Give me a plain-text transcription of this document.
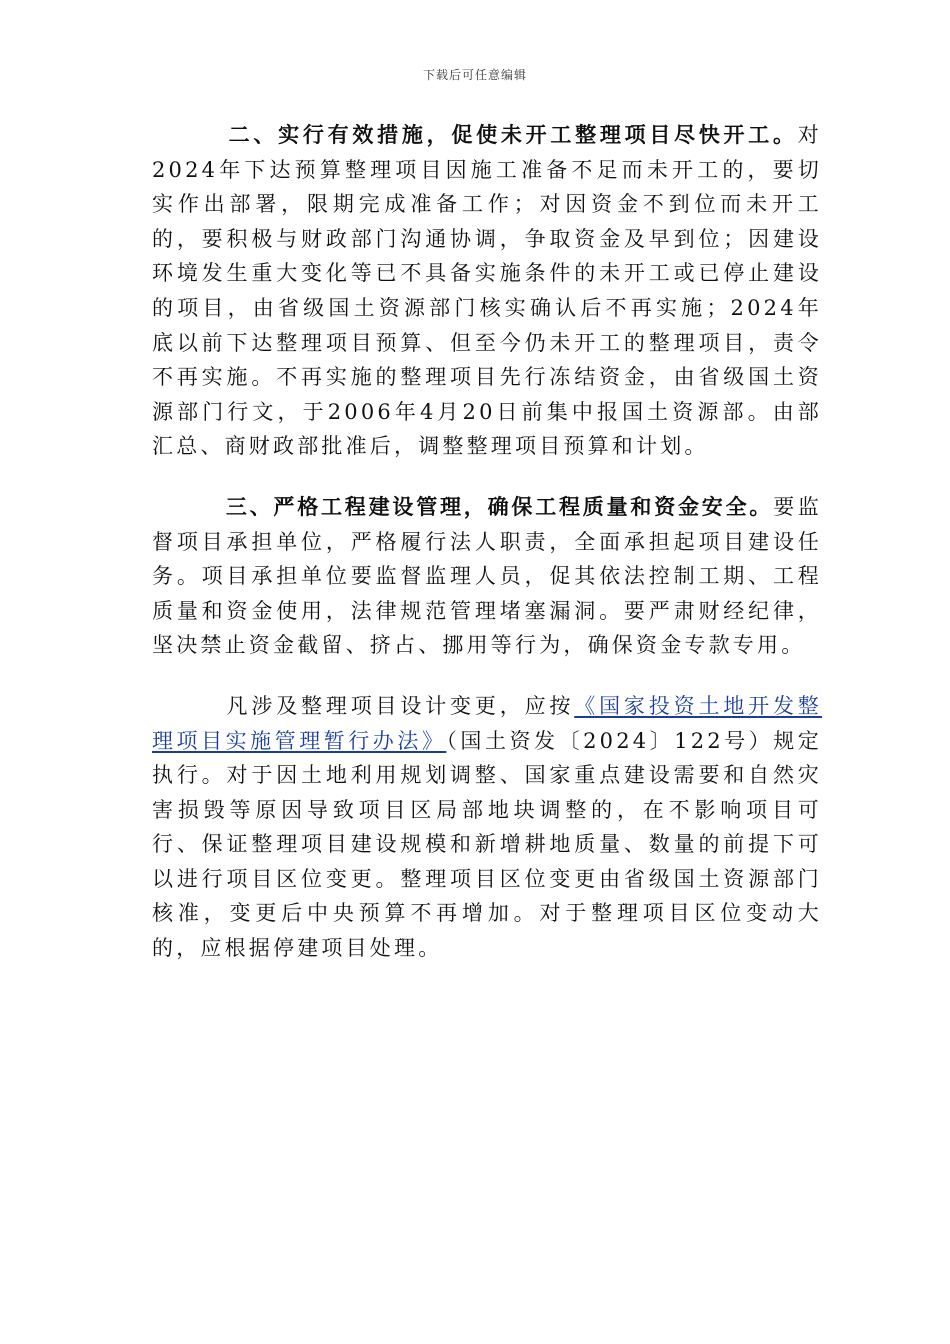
下载后可任意编辑

　　　二、实行有效措施，促使未开工整理项目尽快开工。对2024年下达预算整理项目因施工准备不足而未开工的，要切实作出部署，限期完成准备工作；对因资金不到位而未开工的，要积极与财政部门沟通协调，争取资金及早到位；因建设环境发生重大变化等已不具备实施条件的未开工或已停止建设的项目，由省级国土资源部门核实确认后不再实施；2024年底以前下达整理项目预算、但至今仍未开工的整理项目，责令不再实施。不再实施的整理项目先行冻结资金，由省级国土资源部门行文，于2006年4月20日前集中报国土资源部。由部汇总、商财政部批准后，调整整理项目预算和计划。

　　　三、严格工程建设管理，确保工程质量和资金安全。要监督项目承担单位，严格履行法人职责，全面承担起项目建设任务。项目承担单位要监督监理人员，促其依法控制工期、工程质量和资金使用，法律规范管理堵塞漏洞。要严肃财经纪律，坚决禁止资金截留、挤占、挪用等行为，确保资金专款专用。

　　　凡涉及整理项目设计变更，应按《国家投资土地开发整理项目实施管理暂行办法》（国土资发〔2024〕122号）规定执行。对于因土地利用规划调整、国家重点建设需要和自然灾害损毁等原因导致项目区局部地块调整的，在不影响项目可行、保证整理项目建设规模和新增耕地质量、数量的前提下可以进行项目区位变更。整理项目区位变更由省级国土资源部门核准，变更后中央预算不再增加。对于整理项目区位变动大的，应根据停建项目处理。
